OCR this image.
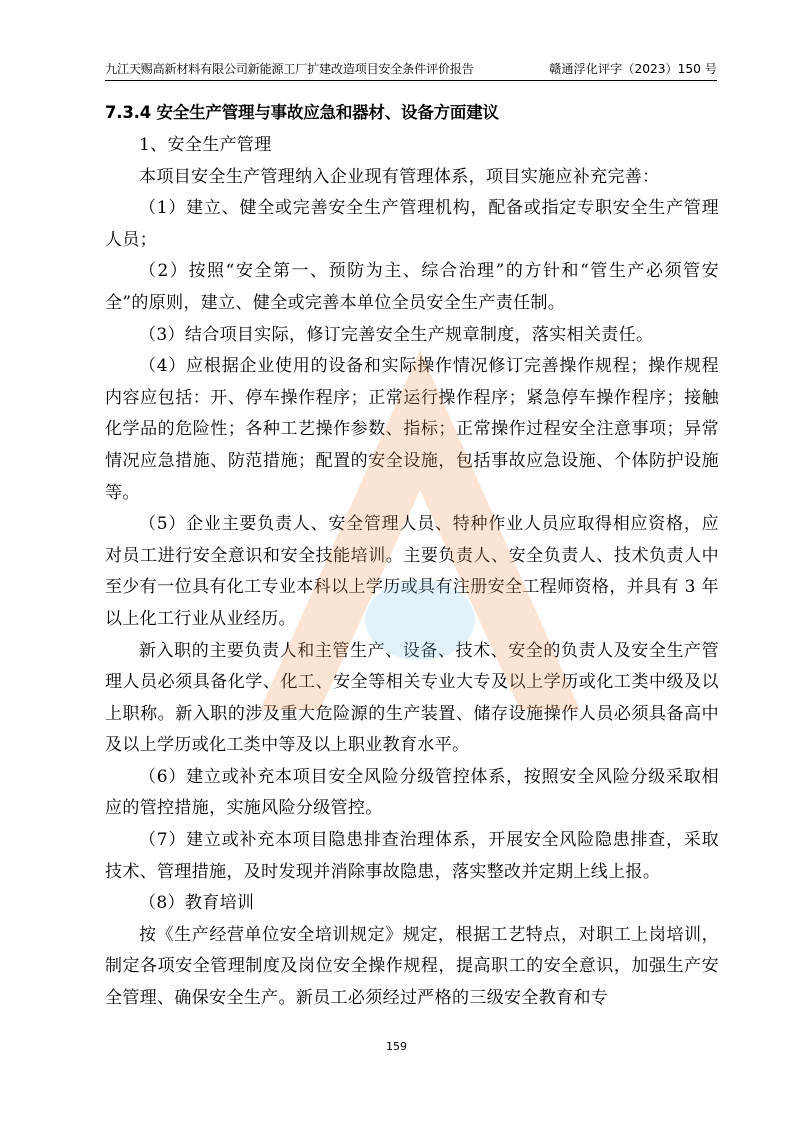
九江天赐高新材料有限公司新能源工厂扩建改造项目安全条件评价报告	赣通浮化评字（2023）150 号
7.3.4 安全生产管理与事故应急和器材、设备方面建议

1、安全生产管理

本项目安全生产管理纳入企业现有管理体系，项目实施应补充完善：

（1）建立、健全或完善安全生产管理机构，配备或指定专职安全生产管理人员；

（2）按照“安全第一、预防为主、综合治理”的方针和“管生产必须管安全”的原则，建立、健全或完善本单位全员安全生产责任制。

（3）结合项目实际，修订完善安全生产规章制度，落实相关责任。

（4）应根据企业使用的设备和实际操作情况修订完善操作规程；操作规程内容应包括：开、停车操作程序；正常运行操作程序；紧急停车操作程序；接触化学品的危险性；各种工艺操作参数、指标；正常操作过程安全注意事项；异常情况应急措施、防范措施；配置的安全设施，包括事故应急设施、个体防护设施等。

（5）企业主要负责人、安全管理人员、特种作业人员应取得相应资格，应对员工进行安全意识和安全技能培训。主要负责人、安全负责人、技术负责人中至少有一位具有化工专业本科以上学历或具有注册安全工程师资格，并具有 3 年以上化工行业从业经历。

新入职的主要负责人和主管生产、设备、技术、安全的负责人及安全生产管理人员必须具备化学、化工、安全等相关专业大专及以上学历或化工类中级及以上职称。新入职的涉及重大危险源的生产装置、储存设施操作人员必须具备高中及以上学历或化工类中等及以上职业教育水平。

（6）建立或补充本项目安全风险分级管控体系，按照安全风险分级采取相应的管控措施，实施风险分级管控。

（7）建立或补充本项目隐患排查治理体系，开展安全风险隐患排查，采取技术、管理措施，及时发现并消除事故隐患，落实整改并定期上线上报。

（8）教育培训

按《生产经营单位安全培训规定》规定，根据工艺特点，对职工上岗培训，制定各项安全管理制度及岗位安全操作规程，提高职工的安全意识，加强生产安全管理、确保安全生产。新员工必须经过严格的三级安全教育和专

159
